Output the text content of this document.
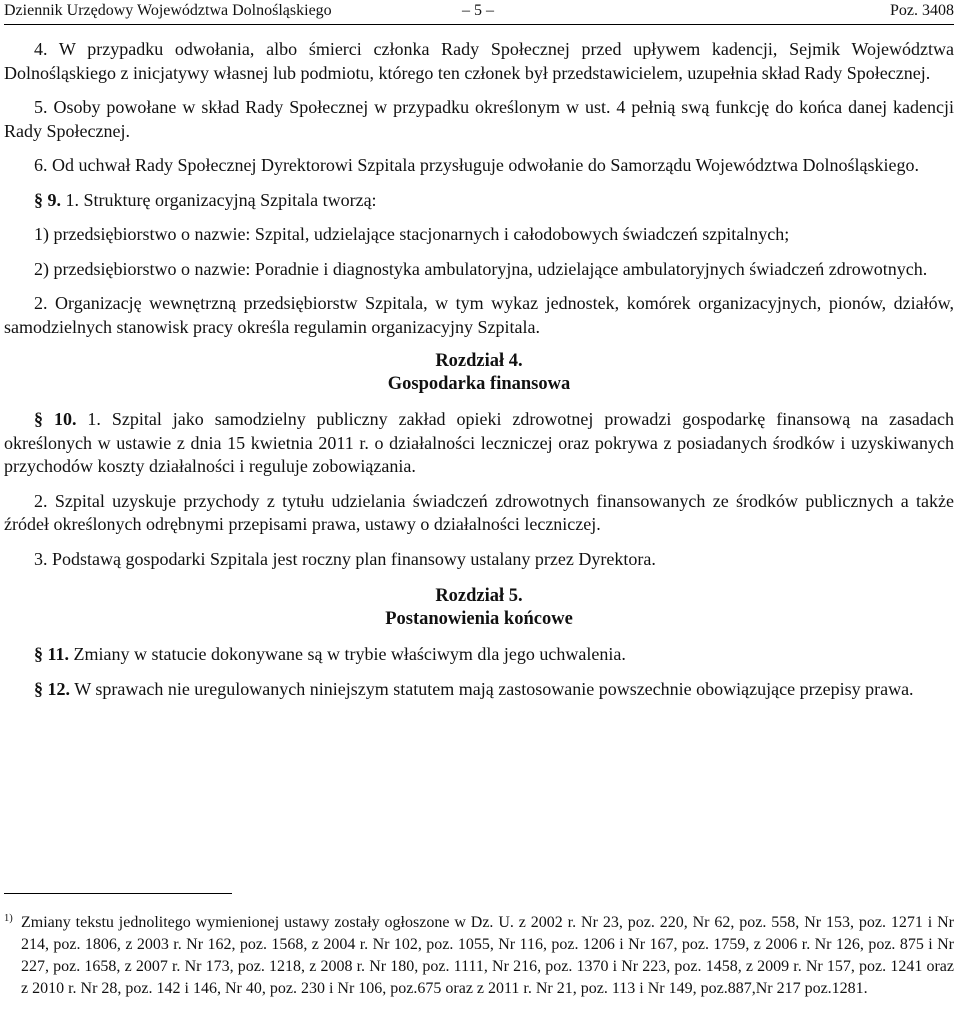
Dziennik Urzędowy Województwa Dolnośląskiego	– 5 –	Poz. 3408

4. W przypadku odwołania, albo śmierci członka Rady Społecznej przed upływem kadencji, Sejmik Województwa Dolnośląskiego z inicjatywy własnej lub podmiotu, którego ten członek był przedstawicielem, uzupełnia skład Rady Społecznej.

5. Osoby powołane w skład Rady Społecznej w przypadku określonym w ust. 4 pełnią swą funkcję do końca danej kadencji Rady Społecznej.

6. Od uchwał Rady Społecznej Dyrektorowi Szpitala przysługuje odwołanie do Samorządu Województwa Dolnośląskiego.

§ 9. 1. Strukturę organizacyjną Szpitala tworzą:

1) przedsiębiorstwo o nazwie: Szpital, udzielające stacjonarnych i całodobowych świadczeń szpitalnych;

2) przedsiębiorstwo o nazwie: Poradnie i diagnostyka ambulatoryjna, udzielające ambulatoryjnych świadczeń zdrowotnych.

2. Organizację wewnętrzną przedsiębiorstw Szpitala, w tym wykaz jednostek, komórek organizacyjnych, pionów, działów, samodzielnych stanowisk pracy określa regulamin organizacyjny Szpitala.

Rozdział 4.

Gospodarka finansowa

§ 10. 1. Szpital jako samodzielny publiczny zakład opieki zdrowotnej prowadzi gospodarkę finansową na zasadach określonych w ustawie z dnia 15 kwietnia 2011 r. o działalności leczniczej oraz pokrywa z posiadanych środków i uzyskiwanych przychodów koszty działalności i reguluje zobowiązania.

2. Szpital uzyskuje przychody z tytułu udzielania świadczeń zdrowotnych finansowanych ze środków publicznych a także źródeł określonych odrębnymi przepisami prawa, ustawy o działalności leczniczej.

3. Podstawą gospodarki Szpitala jest roczny plan finansowy ustalany przez Dyrektora.

Rozdział 5.

Postanowienia końcowe

§ 11. Zmiany w statucie dokonywane są w trybie właściwym dla jego uchwalenia.

§ 12. W sprawach nie uregulowanych niniejszym statutem mają zastosowanie powszechnie obowiązujące przepisy prawa.

1) Zmiany tekstu jednolitego wymienionej ustawy zostały ogłoszone w Dz. U. z 2002 r. Nr 23, poz. 220, Nr 62, poz. 558, Nr 153, poz. 1271 i Nr 214, poz. 1806, z 2003 r. Nr 162, poz. 1568, z 2004 r. Nr 102, poz. 1055, Nr 116, poz. 1206 i Nr 167, poz. 1759, z 2006 r. Nr 126, poz. 875 i Nr 227, poz. 1658, z 2007 r. Nr 173, poz. 1218, z 2008 r. Nr 180, poz. 1111, Nr 216, poz. 1370 i Nr 223, poz. 1458, z 2009 r. Nr 157, poz. 1241 oraz z 2010 r. Nr 28, poz. 142 i 146, Nr 40, poz. 230 i Nr 106, poz.675 oraz z 2011 r. Nr 21, poz. 113 i Nr 149, poz.887,Nr 217 poz.1281.
